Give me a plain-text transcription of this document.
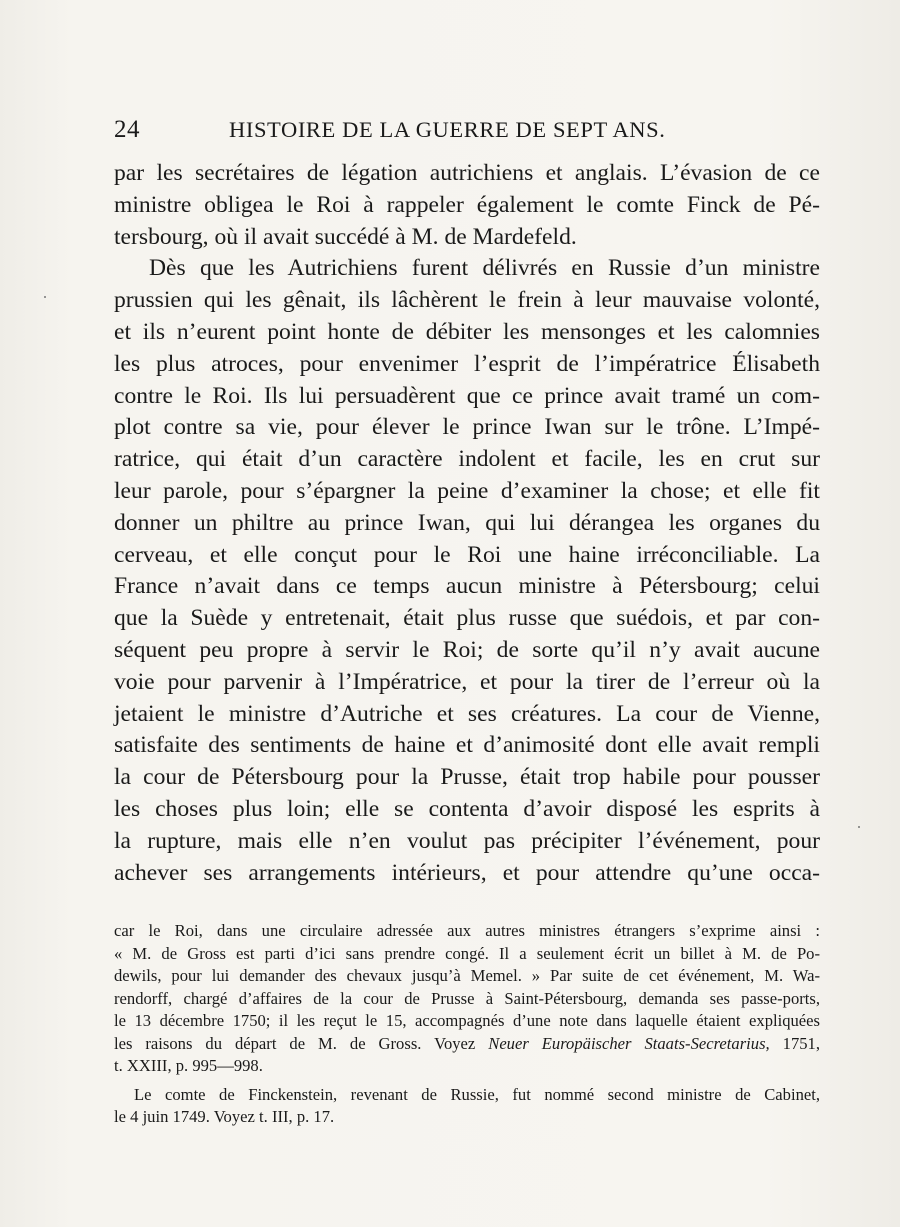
24	HISTOIRE DE LA GUERRE DE SEPT ANS.
par les secrétaires de légation autrichiens et anglais. L’évasion de ce
ministre obligea le Roi à rappeler également le comte Finck de Pé-
tersbourg, où il avait succédé à M. de Mardefeld.
Dès que les Autrichiens furent délivrés en Russie d’un ministre
prussien qui les gênait, ils lâchèrent le frein à leur mauvaise volonté,
et ils n’eurent point honte de débiter les mensonges et les calomnies
les plus atroces, pour envenimer l’esprit de l’impératrice Élisabeth
contre le Roi. Ils lui persuadèrent que ce prince avait tramé un com-
plot contre sa vie, pour élever le prince Iwan sur le trône. L’Impé-
ratrice, qui était d’un caractère indolent et facile, les en crut sur
leur parole, pour s’épargner la peine d’examiner la chose; et elle fit
donner un philtre au prince Iwan, qui lui dérangea les organes du
cerveau, et elle conçut pour le Roi une haine irréconciliable. La
France n’avait dans ce temps aucun ministre à Pétersbourg; celui
que la Suède y entretenait, était plus russe que suédois, et par con-
séquent peu propre à servir le Roi; de sorte qu’il n’y avait aucune
voie pour parvenir à l’Impératrice, et pour la tirer de l’erreur où la
jetaient le ministre d’Autriche et ses créatures. La cour de Vienne,
satisfaite des sentiments de haine et d’animosité dont elle avait rempli
la cour de Pétersbourg pour la Prusse, était trop habile pour pousser
les choses plus loin; elle se contenta d’avoir disposé les esprits à
la rupture, mais elle n’en voulut pas précipiter l’événement, pour
achever ses arrangements intérieurs, et pour attendre qu’une occa-
car le Roi, dans une circulaire adressée aux autres ministres étrangers s’exprime ainsi :
« M. de Gross est parti d’ici sans prendre congé. Il a seulement écrit un billet à M. de Po-
dewils, pour lui demander des chevaux jusqu’à Memel. » Par suite de cet événement, M. Wa-
rendorff, chargé d’affaires de la cour de Prusse à Saint-Pétersbourg, demanda ses passe-ports,
le 13 décembre 1750; il les reçut le 15, accompagnés d’une note dans laquelle étaient expliquées
les raisons du départ de M. de Gross. Voyez Neuer Europäischer Staats-Secretarius, 1751,
t. XXIII, p. 995—998.
Le comte de Finckenstein, revenant de Russie, fut nommé second ministre de Cabinet,
le 4 juin 1749. Voyez t. III, p. 17.
